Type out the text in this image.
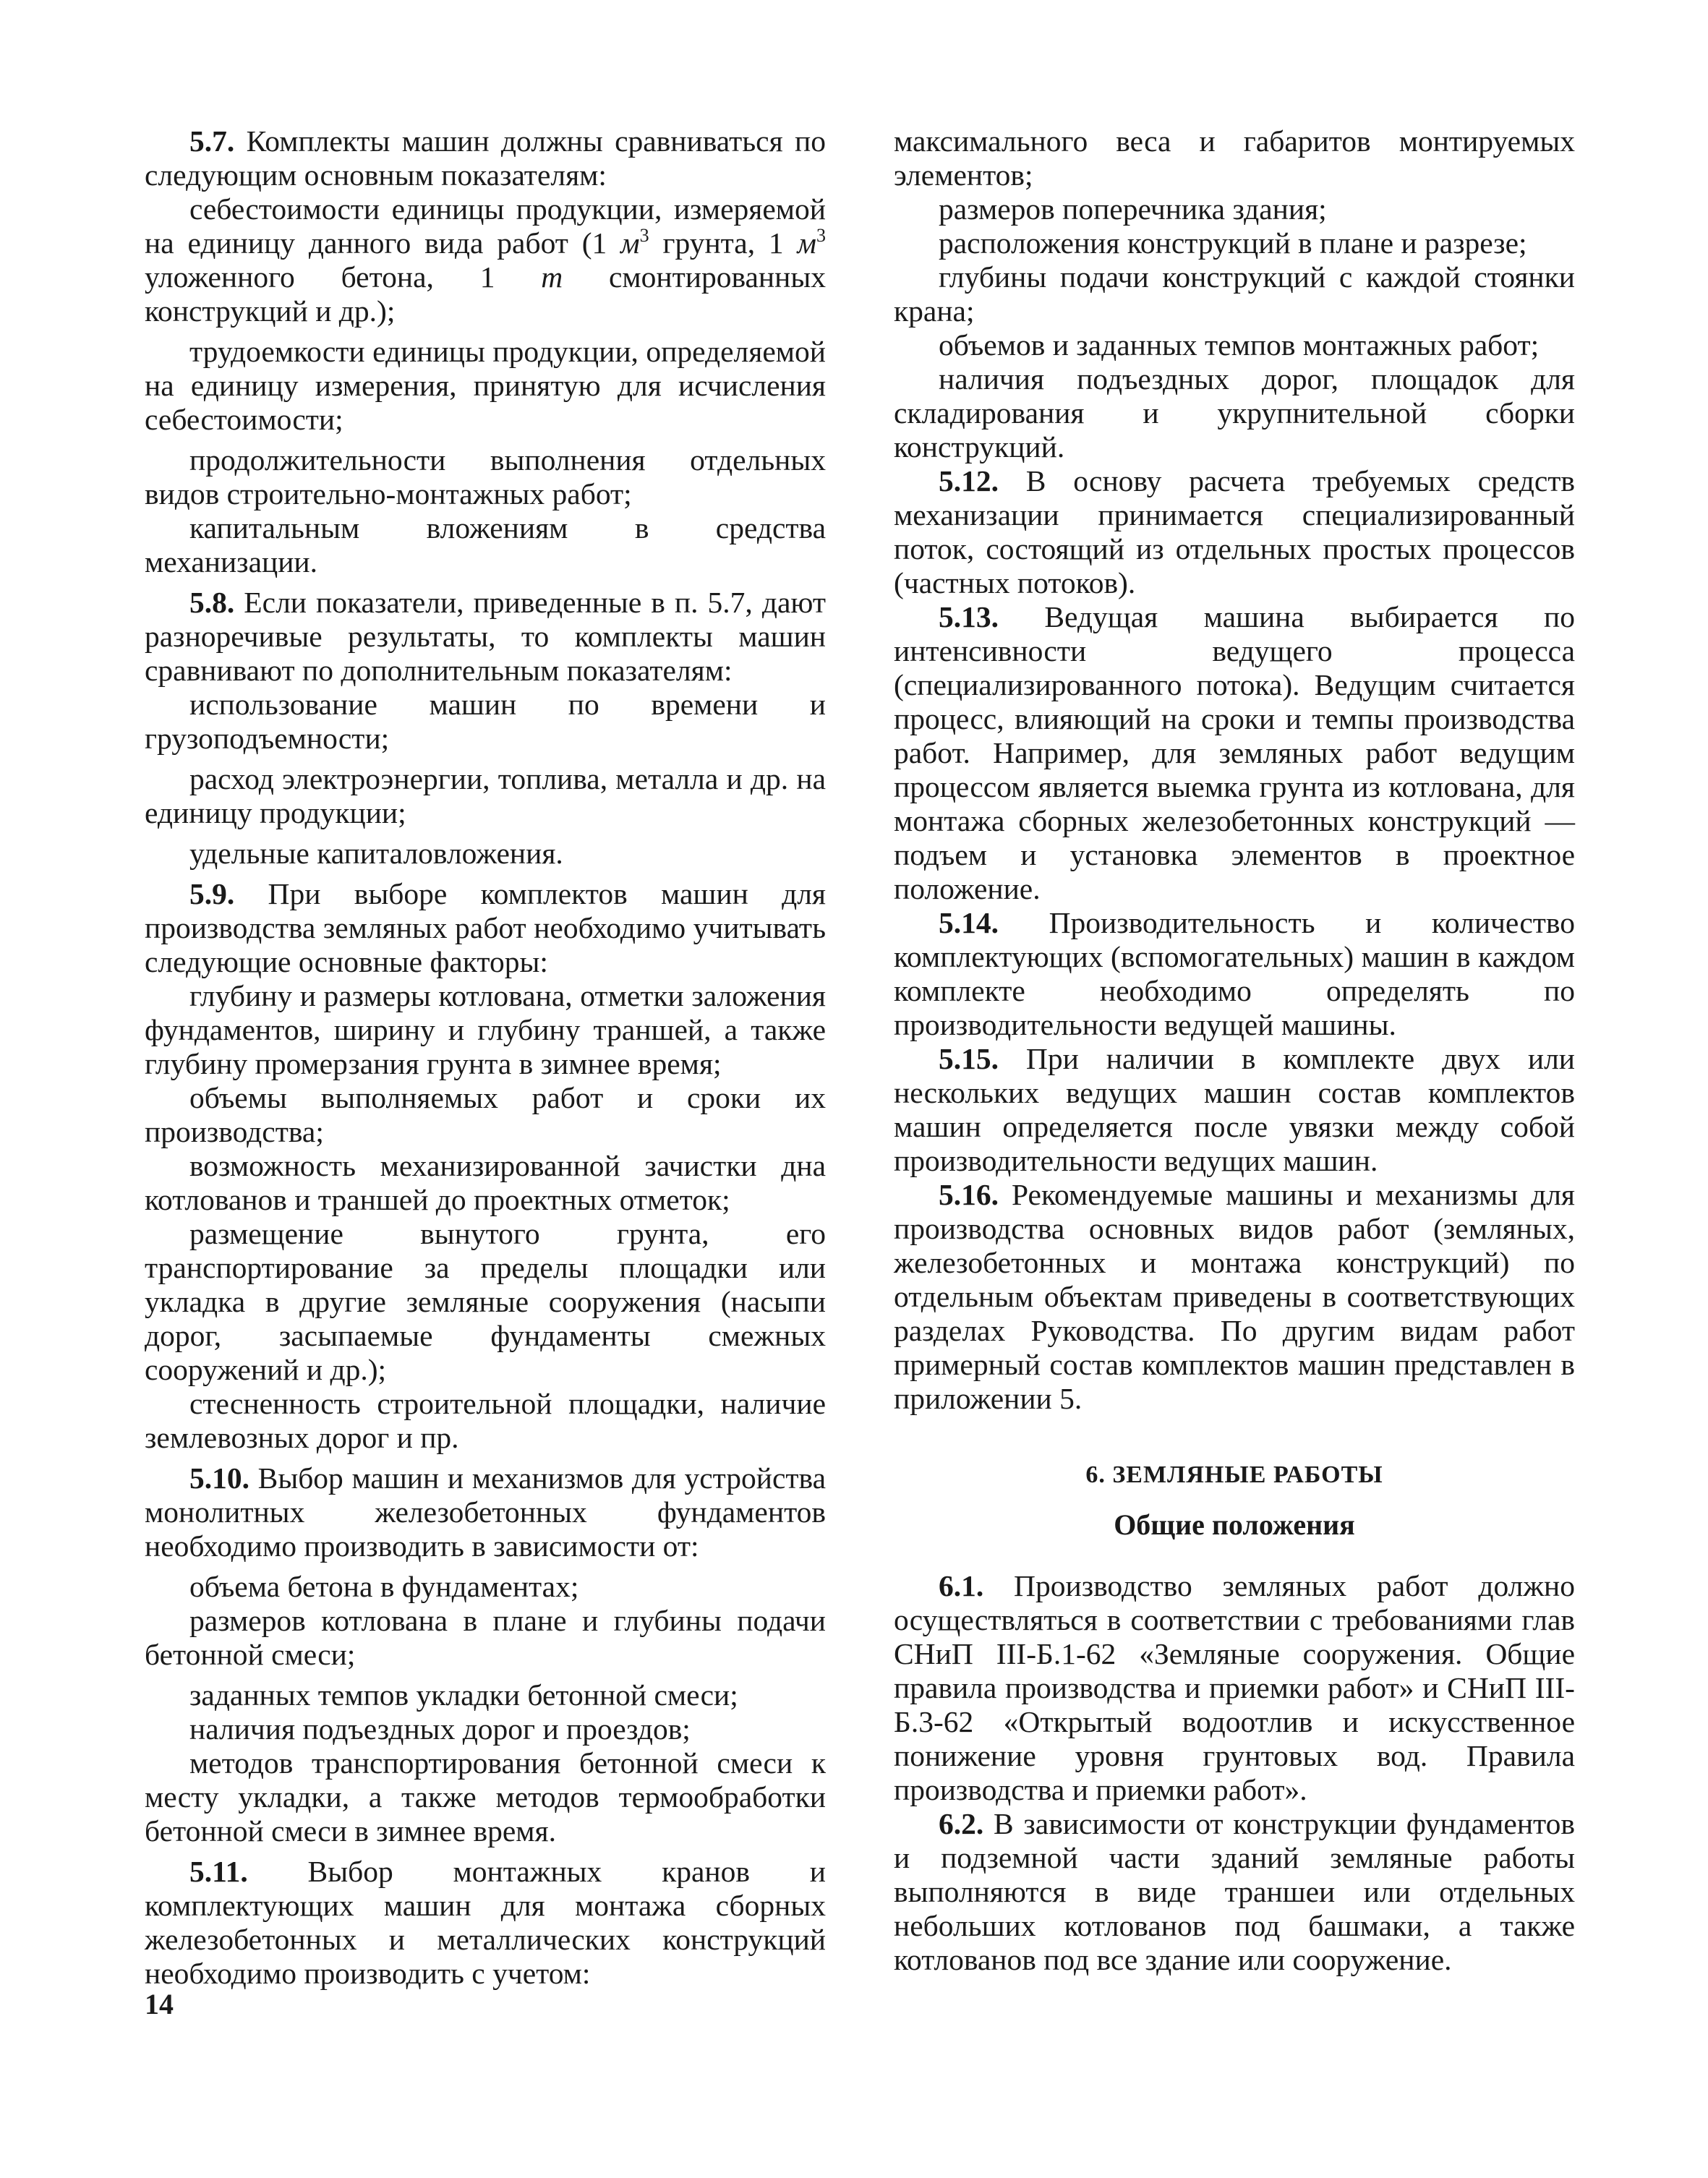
5.7. Комплекты машин должны сравниваться по следующим основным показателям:

себестоимости единицы продукции, измеряемой на единицу данного вида работ (1 $м^3$ грунта, 1 $м^3$ уложенного бетона, 1 т смонтированных конструкций и др.);

трудоемкости единицы продукции, определяемой на единицу измерения, принятую для исчисления себестоимости;

продолжительности выполнения отдельных видов строительно-монтажных работ;

капитальным вложениям в средства механизации.

5.8. Если показатели, приведенные в п. 5.7, дают разноречивые результаты, то комплекты машин сравнивают по дополнительным показателям:

использование машин по времени и грузоподъемности;

расход электроэнергии, топлива, металла и др. на единицу продукции;

удельные капиталовложения.

5.9. При выборе комплектов машин для производства земляных работ необходимо учитывать следующие основные факторы:

глубину и размеры котлована, отметки заложения фундаментов, ширину и глубину траншей, а также глубину промерзания грунта в зимнее время;

объемы выполняемых работ и сроки их производства;

возможность механизированной зачистки дна котлованов и траншей до проектных отметок;

размещение вынутого грунта, его транспортирование за пределы площадки или укладка в другие земляные сооружения (насыпи дорог, засыпаемые фундаменты смежных сооружений и др.);

стесненность строительной площадки, наличие землевозных дорог и пр.

5.10. Выбор машин и механизмов для устройства монолитных железобетонных фундаментов необходимо производить в зависимости от:

объема бетона в фундаментах;

размеров котлована в плане и глубины подачи бетонной смеси;

заданных темпов укладки бетонной смеси;

наличия подъездных дорог и проездов;

методов транспортирования бетонной смеси к месту укладки, а также методов термообработки бетонной смеси в зимнее время.

5.11. Выбор монтажных кранов и комплектующих машин для монтажа сборных железобетонных и металлических конструкций необходимо производить с учетом:

максимального веса и габаритов монтируемых элементов;

размеров поперечника здания;

расположения конструкций в плане и разрезе;

глубины подачи конструкций с каждой стоянки крана;

объемов и заданных темпов монтажных работ;

наличия подъездных дорог, площадок для складирования и укрупнительной сборки конструкций.

5.12. В основу расчета требуемых средств механизации принимается специализированный поток, состоящий из отдельных простых процессов (частных потоков).

5.13. Ведущая машина выбирается по интенсивности ведущего процесса (специализированного потока). Ведущим считается процесс, влияющий на сроки и темпы производства работ. Например, для земляных работ ведущим процессом является выемка грунта из котлована, для монтажа сборных железобетонных конструкций — подъем и установка элементов в проектное положение.

5.14. Производительность и количество комплектующих (вспомогательных) машин в каждом комплекте необходимо определять по производительности ведущей машины.

5.15. При наличии в комплекте двух или нескольких ведущих машин состав комплектов машин определяется после увязки между собой производительности ведущих машин.

5.16. Рекомендуемые машины и механизмы для производства основных видов работ (земляных, железобетонных и монтажа конструкций) по отдельным объектам приведены в соответствующих разделах Руководства. По другим видам работ примерный состав комплектов машин представлен в приложении 5.

6. ЗЕМЛЯНЫЕ РАБОТЫ

Общие положения

6.1. Производство земляных работ должно осуществляться в соответствии с требованиями глав СНиП III-Б.1-62 «Земляные сооружения. Общие правила производства и приемки работ» и СНиП III-Б.3-62 «Открытый водоотлив и искусственное понижение уровня грунтовых вод. Правила производства и приемки работ».

6.2. В зависимости от конструкции фундаментов и подземной части зданий земляные работы выполняются в виде траншеи или отдельных небольших котлованов под башмаки, а также котлованов под все здание или сооружение.

14
